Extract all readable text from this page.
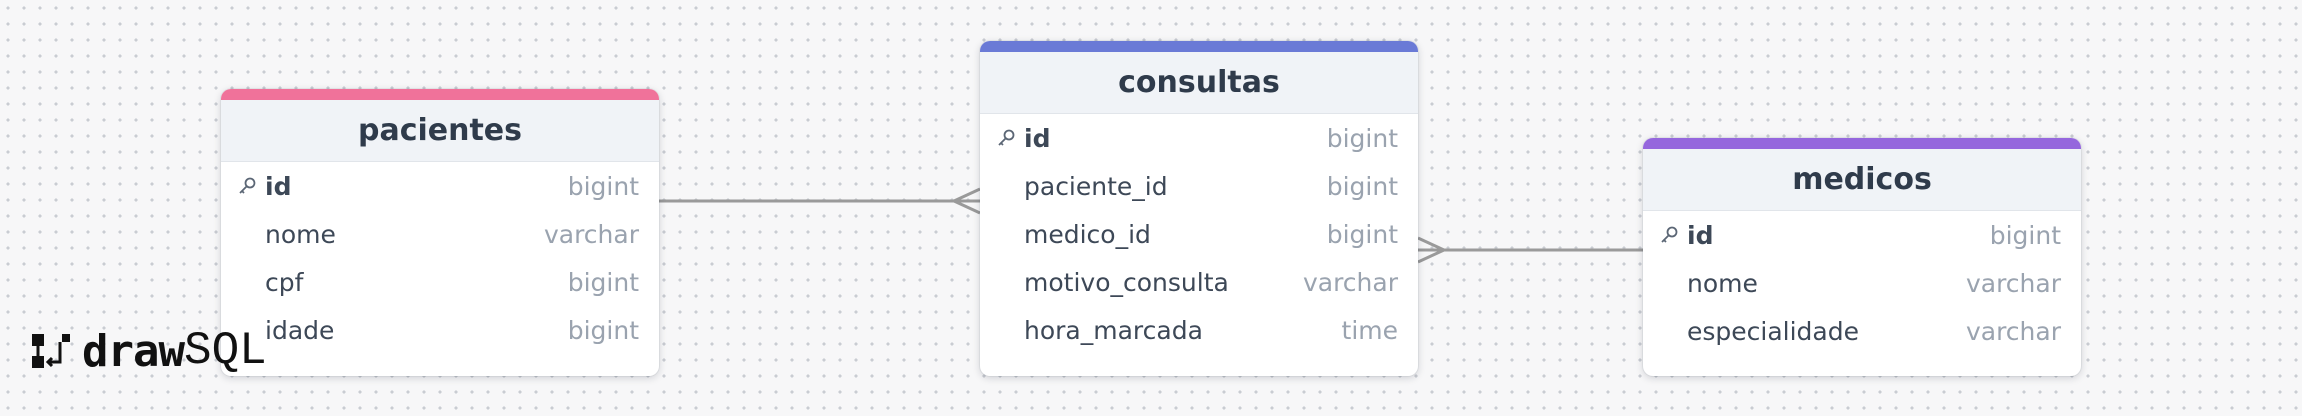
pacientes
id	bigint
nome	varchar
cpf	bigint
idade	bigint
consultas
id	bigint
paciente_id	bigint
medico_id	bigint
motivo_consulta	varchar
hora_marcada	time
medicos
id	bigint
nome	varchar
especialidade	varchar
draw SQL
